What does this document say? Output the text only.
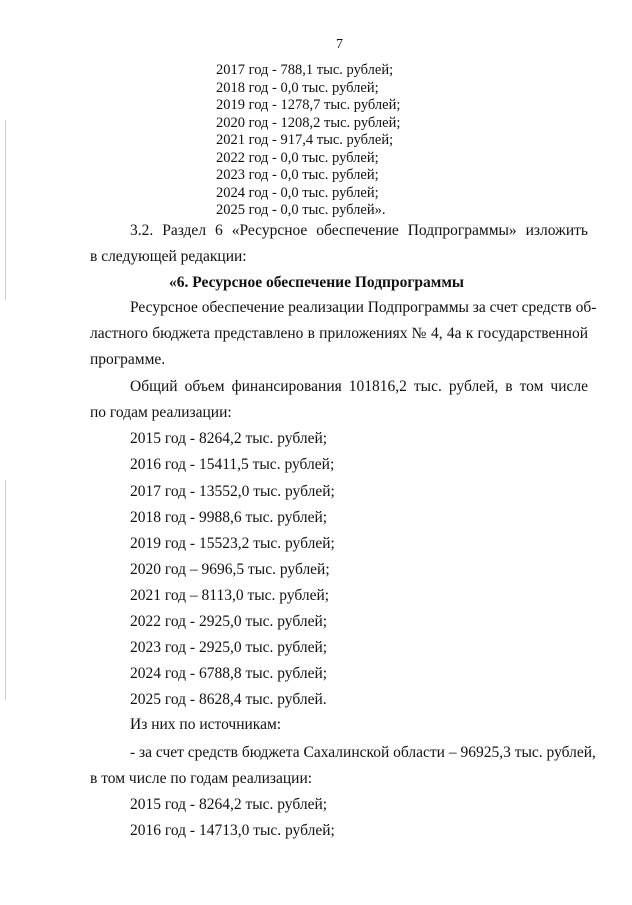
7
2017 год - 788,1 тыс. рублей;
2018 год - 0,0 тыс. рублей;
2019 год - 1278,7 тыс. рублей;
2020 год - 1208,2 тыс. рублей;
2021 год - 917,4 тыс. рублей;
2022 год - 0,0 тыс. рублей;
2023 год - 0,0 тыс. рублей;
2024 год - 0,0 тыс. рублей;
2025 год - 0,0 тыс. рублей».
3.2. Раздел 6 «Ресурсное обеспечение Подпрограммы» изложить
в следующей редакции:
«6. Ресурсное обеспечение Подпрограммы
Ресурсное обеспечение реализации Подпрограммы за счет средств об-
ластного бюджета представлено в приложениях № 4, 4а к государственной
программе.
Общий объем финансирования 101816,2 тыс. рублей, в том числе
по годам реализации:
2015 год - 8264,2 тыс. рублей;
2016 год - 15411,5 тыс. рублей;
2017 год - 13552,0 тыс. рублей;
2018 год - 9988,6 тыс. рублей;
2019 год - 15523,2 тыс. рублей;
2020 год – 9696,5 тыс. рублей;
2021 год – 8113,0 тыс. рублей;
2022 год - 2925,0 тыс. рублей;
2023 год - 2925,0 тыс. рублей;
2024 год - 6788,8 тыс. рублей;
2025 год - 8628,4 тыс. рублей.
Из них по источникам:
- за счет средств бюджета Сахалинской области – 96925,3 тыс. рублей,
в том числе по годам реализации:
2015 год - 8264,2 тыс. рублей;
2016 год - 14713,0 тыс. рублей;
